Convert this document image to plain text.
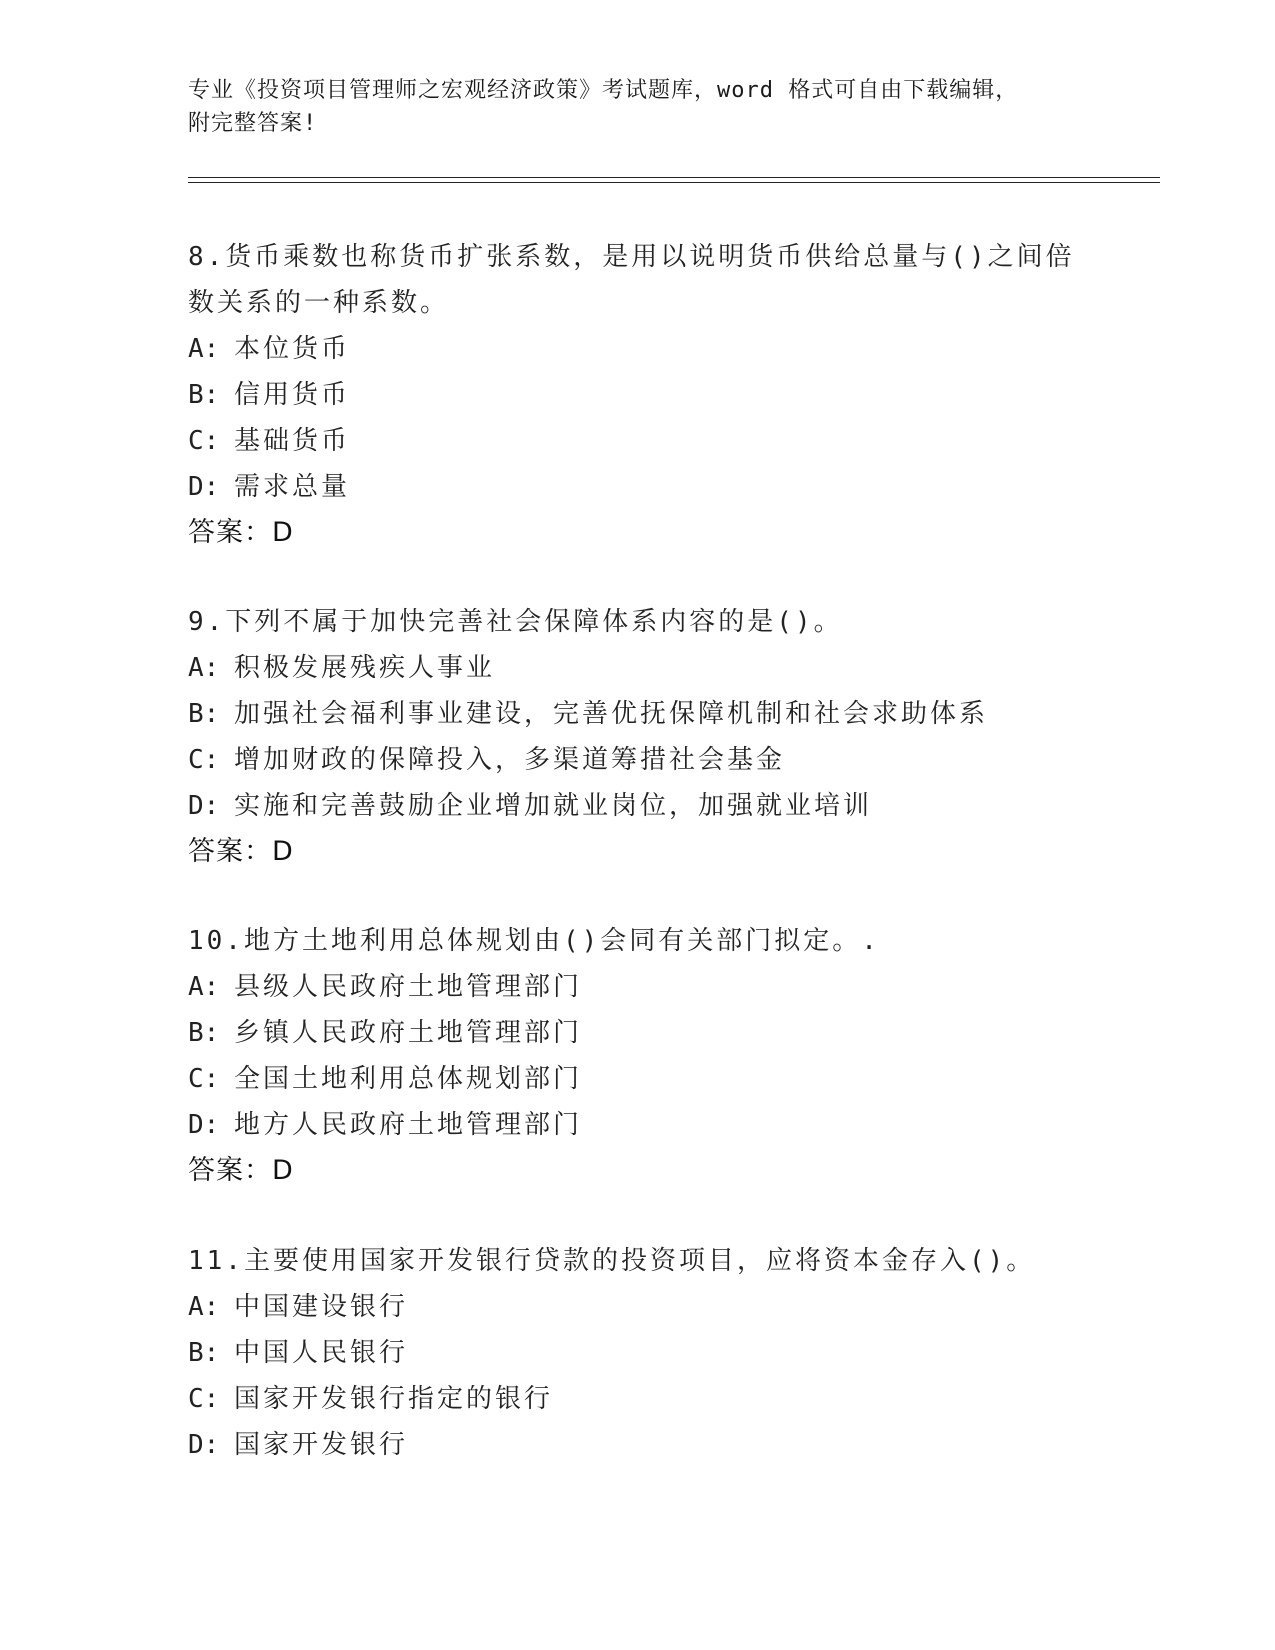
专业《投资项目管理师之宏观经济政策》考试题库，word 格式可自由下载编辑，
附完整答案!

8.货币乘数也称货币扩张系数，是用以说明货币供给总量与()之间倍

数关系的一种系数。

A: 本位货币

B: 信用货币

C: 基础货币

D: 需求总量

答案：D

9.下列不属于加快完善社会保障体系内容的是()。

A: 积极发展残疾人事业

B: 加强社会福利事业建设，完善优抚保障机制和社会求助体系

C: 增加财政的保障投入，多渠道筹措社会基金

D: 实施和完善鼓励企业增加就业岗位，加强就业培训

答案：D

10.地方土地利用总体规划由()会同有关部门拟定。.

A: 县级人民政府土地管理部门

B: 乡镇人民政府土地管理部门

C: 全国土地利用总体规划部门

D: 地方人民政府土地管理部门

答案：D

11.主要使用国家开发银行贷款的投资项目，应将资本金存入()。

A: 中国建设银行

B: 中国人民银行

C: 国家开发银行指定的银行

D: 国家开发银行
